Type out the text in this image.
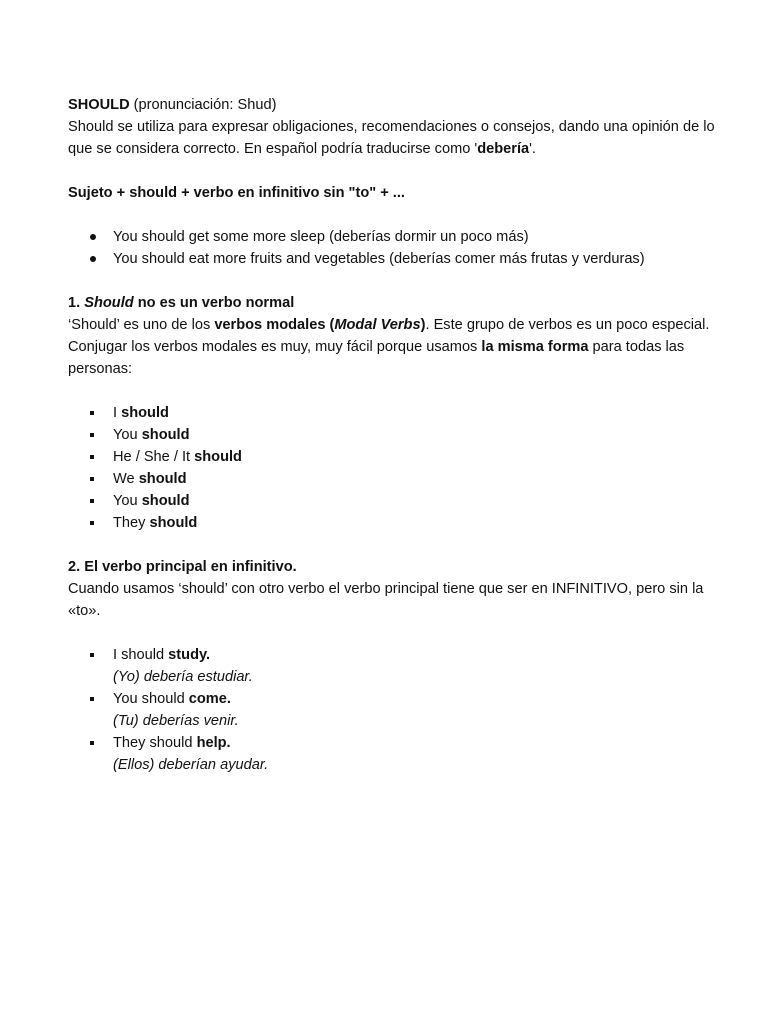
SHOULD (pronunciación: Shud)

Should se utiliza para expresar obligaciones, recomendaciones o consejos, dando una opinión de lo que se considera correcto. En español podría traducirse como 'debería'.

Sujeto + should + verbo en infinitivo sin "to" + ...

You should get some more sleep (deberías dormir un poco más)
You should eat more fruits and vegetables (deberías comer más frutas y verduras)

1. Should no es un verbo normal

‘Should’ es uno de los verbos modales (Modal Verbs). Este grupo de verbos es un poco especial. Conjugar los verbos modales es muy, muy fácil porque usamos la misma forma para todas las personas:

I should
You should
He / She / It should
We should
You should
They should

2. El verbo principal en infinitivo.

Cuando usamos ‘should’ con otro verbo el verbo principal tiene que ser en INFINITIVO, pero sin la «to».

I should study.
(Yo) debería estudiar.
You should come.
(Tu) deberías venir.
They should help.
(Ellos) deberían ayudar.
